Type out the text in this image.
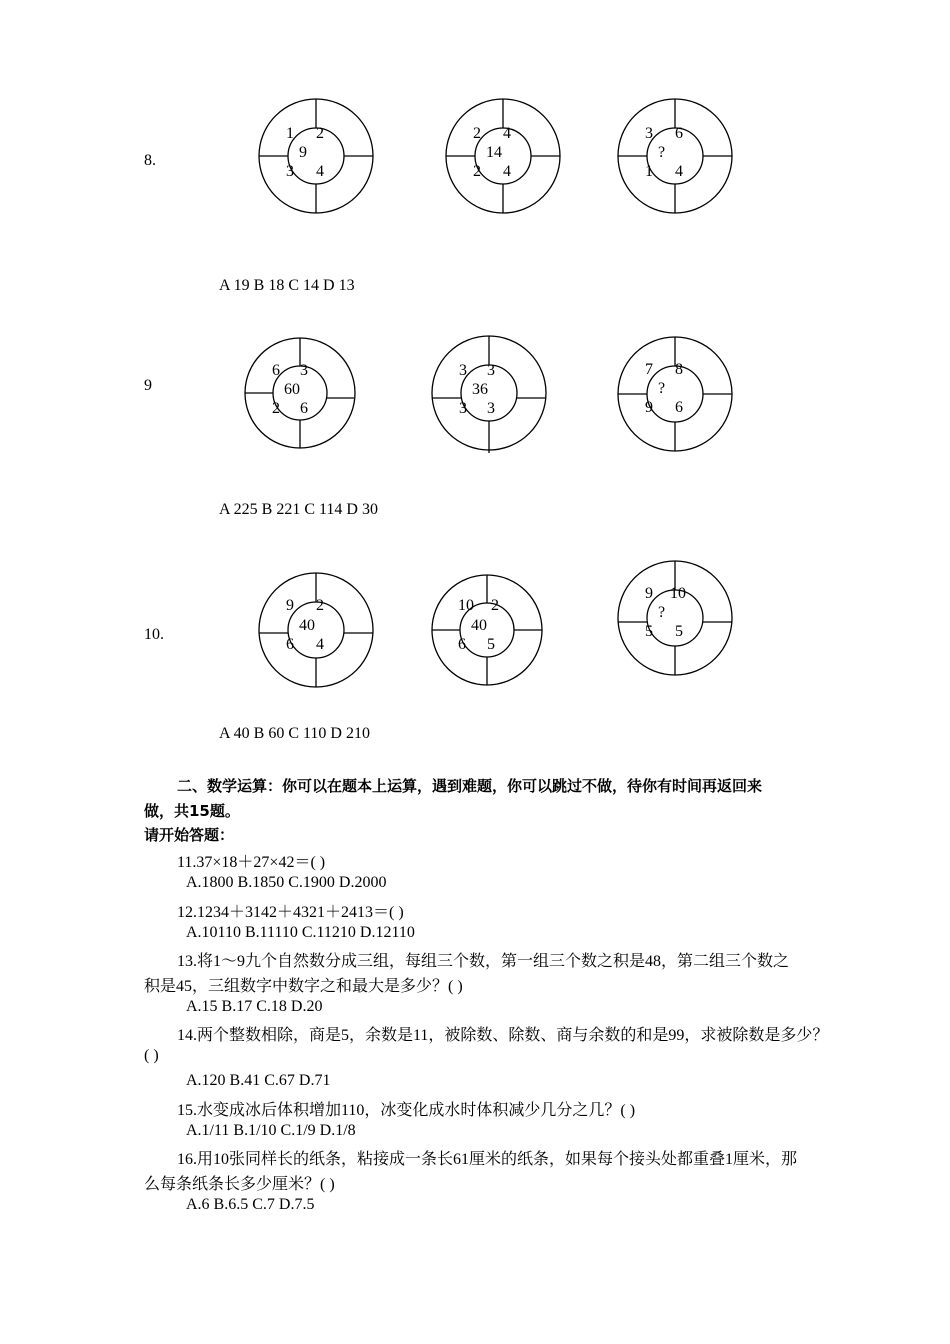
8.
1 2
9
3 4
2 4
14
2 4
3 6
?
1 4
A 19 B 18 C 14 D 13
9
6 3
60
2 6
3 3
36
3 3
7 8
?
9 6
A 225 B 221 C 114 D 30
10.
9 2
40
6 4
10 2
40
6 5
9 10
?
5 5
A 40 B 60 C 110 D 210
二、数学运算：你可以在题本上运算，遇到难题，你可以跳过不做，待你有时间再返回来
做，共15题。
请开始答题：
11.37×18＋27×42＝( )
A.1800 B.1850 C.1900 D.2000
12.1234＋3142＋4321＋2413＝( )
A.10110 B.11110 C.11210 D.12110
13.将1～9九个自然数分成三组，每组三个数，第一组三个数之积是48，第二组三个数之
积是45，三组数字中数字之和最大是多少？( )
A.15 B.17 C.18 D.20
14.两个整数相除，商是5，余数是11，被除数、除数、商与余数的和是99，求被除数是多少？
( )
A.120 B.41 C.67 D.71
15.水变成冰后体积增加110，冰变化成水时体积减少几分之几？( )
A.1/11 B.1/10 C.1/9 D.1/8
16.用10张同样长的纸条，粘接成一条长61厘米的纸条，如果每个接头处都重叠1厘米，那
么每条纸条长多少厘米？( )
A.6 B.6.5 C.7 D.7.5
